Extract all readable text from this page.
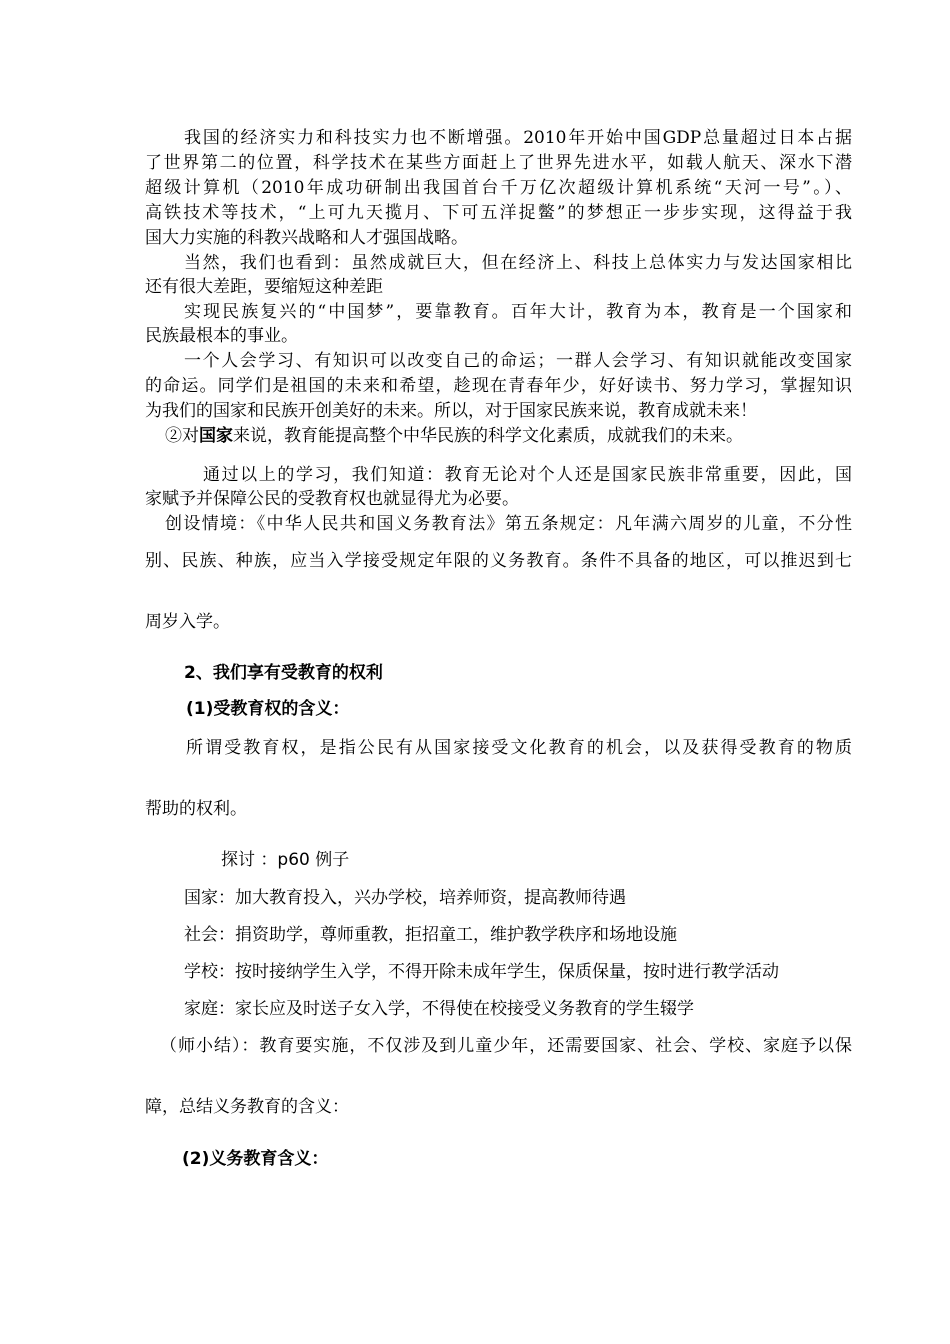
我国的经济实力和科技实力也不断增强。2010年开始中国GDP总量超过日本占据
了世界第二的位置，科学技术在某些方面赶上了世界先进水平，如载人航天、深水下潜
超级计算机（2010年成功研制出我国首台千万亿次超级计算机系统“天河一号”。）、
高铁技术等技术，“上可九天揽月、下可五洋捉鳖”的梦想正一步步实现，这得益于我
国大力实施的科教兴战略和人才强国战略。
当然，我们也看到：虽然成就巨大，但在经济上、科技上总体实力与发达国家相比
还有很大差距，要缩短这种差距
实现民族复兴的“中国梦”，要靠教育。百年大计，教育为本，教育是一个国家和
民族最根本的事业。
一个人会学习、有知识可以改变自己的命运；一群人会学习、有知识就能改变国家
的命运。同学们是祖国的未来和希望，趁现在青春年少，好好读书、努力学习，掌握知识
为我们的国家和民族开创美好的未来。所以，对于国家民族来说，教育成就未来！
②对国家来说，教育能提高整个中华民族的科学文化素质，成就我们的未来。
通过以上的学习，我们知道：教育无论对个人还是国家民族非常重要，因此，国
家赋予并保障公民的受教育权也就显得尤为必要。
创设情境：《中华人民共和国义务教育法》第五条规定：凡年满六周岁的儿童，不分性
别、民族、种族，应当入学接受规定年限的义务教育。条件不具备的地区，可以推迟到七
周岁入学。
2、我们享有受教育的权利
(1)受教育权的含义：
所谓受教育权，是指公民有从国家接受文化教育的机会，以及获得受教育的物质
帮助的权利。
探讨 ：p60 例子
国家：加大教育投入，兴办学校，培养师资，提高教师待遇
社会：捐资助学，尊师重教，拒招童工，维护教学秩序和场地设施
学校：按时接纳学生入学，不得开除未成年学生，保质保量，按时进行教学活动
家庭：家长应及时送子女入学，不得使在校接受义务教育的学生辍学
（师小结）：教育要实施，不仅涉及到儿童少年，还需要国家、社会、学校、家庭予以保
障，总结义务教育的含义：
(2)义务教育含义：
